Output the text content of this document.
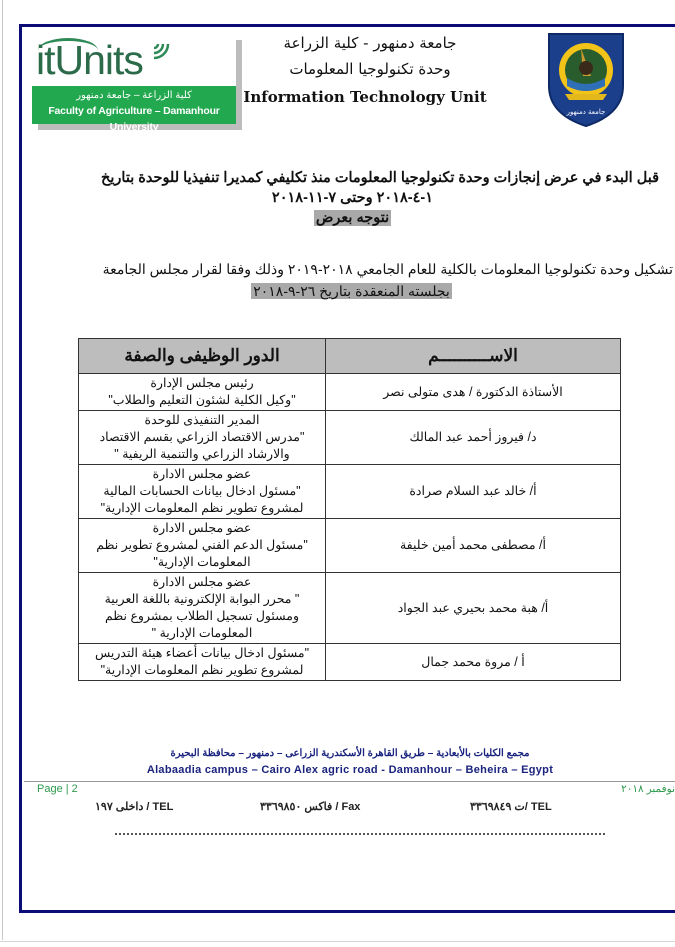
itUnits
كلية الزراعة – جامعة دمنهور
Faculty of Agriculture – Damanhour University
جامعة دمنهور - كلية الزراعة
وحدة تكنولوجيا المعلومات
Information Technology Unit
جامعة دمنهور
قبل البدء في عرض إنجازات وحدة تكنولوجيا المعلومات منذ تكليفي كمديرا تنفيذيا للوحدة بتاريخ
١-٤-٢٠١٨ وحتى ٧-١١-٢٠١٨
نتوجه بعرض
تشكيل وحدة تكنولوجيا المعلومات بالكلية للعام الجامعي ٢٠١٨-٢٠١٩ وذلك وفقا لقرار مجلس الجامعة
بجلسته المنعقدة بتاريخ ٢٦-٩-٢٠١٨
الاســــــــــم	الدور الوظيفى والصفة
الأستاذة الدكتورة / هدى متولى نصر	رئيس مجلس الإدارة
"وكيل الكلية لشئون التعليم والطلاب"

د/ فيروز أحمد عبد المالك	المدير التنفيذى للوحدة
"مدرس الاقتصاد الزراعي بقسم الاقتصاد
والارشاد الزراعي والتنمية الريفية "

أ/ خالد عبد السلام صرادة	عضو مجلس الادارة
"مسئول ادخال بيانات الحسابات المالية
لمشروع تطوير نظم المعلومات الإدارية"

أ/ مصطفى محمد أمين خليفة	عضو مجلس الادارة
"مسئول الدعم الفني لمشروع تطوير نظم
المعلومات الإدارية"

أ/ هبة محمد بحيري عبد الجواد	عضو مجلس الادارة
" محرر البوابة الإلكترونية باللغة العربية
ومسئول تسجيل الطلاب بمشروع نظم
المعلومات الإدارية "

أ / مروة محمد جمال	"مسئول ادخال بيانات أعضاء هيئة التدريس
لمشروع تطوير نظم المعلومات الإدارية"
مجمع الكليات بالأبعادية – طريق القاهرة الأسكندرية الزراعى – دمنهور – محافظة البحيرة
Alabaadia campus – Cairo Alex agric road - Damanhour – Beheira – Egypt
Page | 2	نوفمبر ٢٠١٨
TEL /ت ٣٣٦٩٨٤٩
Fax / فاكس ٣٣٦٩٨٥٠
TEL / داخلى ١٩٧
